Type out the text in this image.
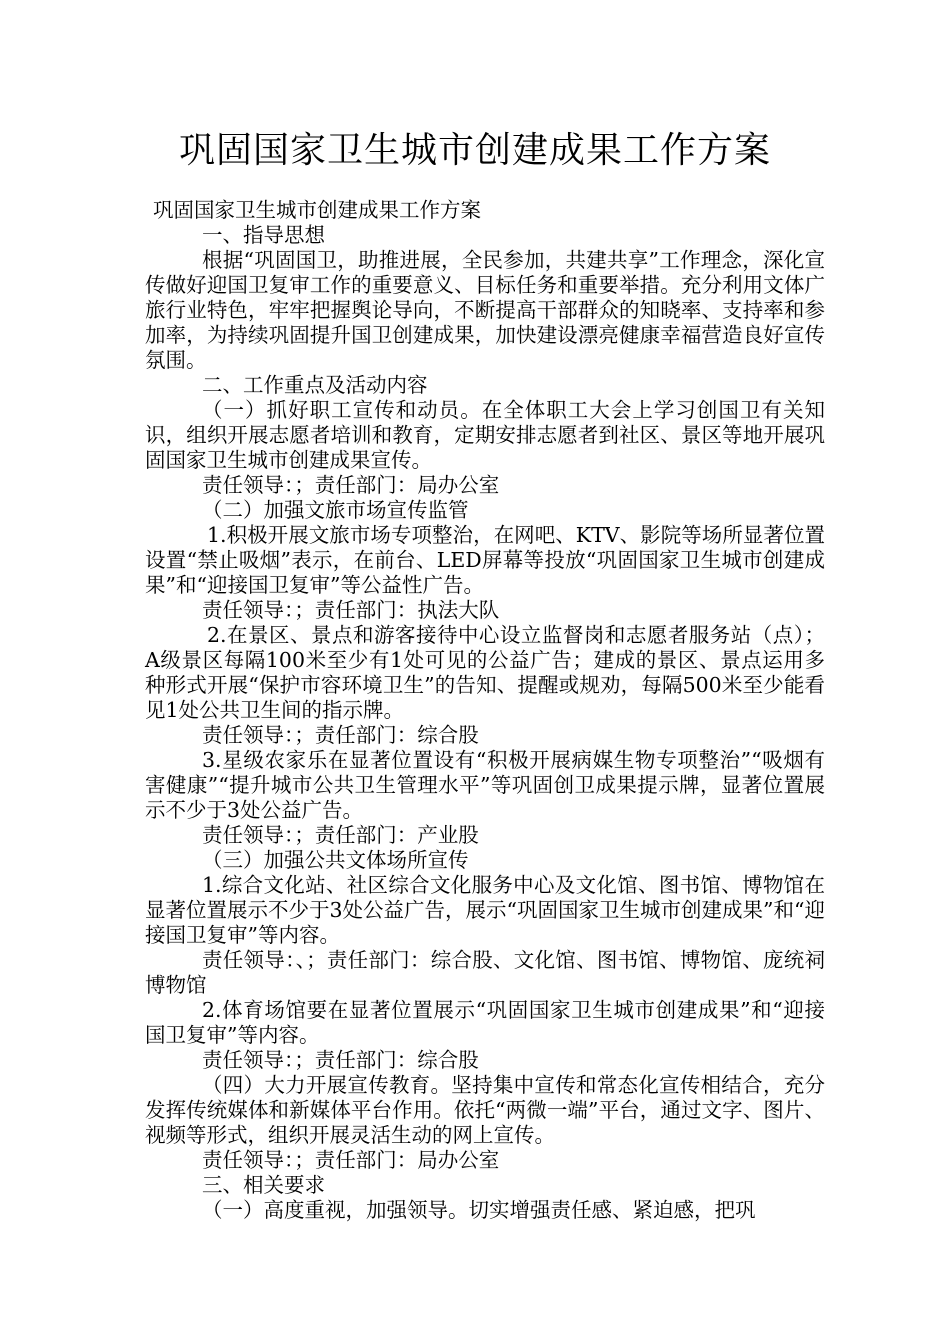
巩固国家卫生城市创建成果工作方案

巩固国家卫生城市创建成果工作方案

一、指导思想

根据“巩固国卫，助推进展，全民参加，共建共享”工作理念，深化宣传做好迎国卫复审工作的重要意义、目标任务和重要举措。充分利用文体广旅行业特色，牢牢把握舆论导向，不断提高干部群众的知晓率、支持率和参加率，为持续巩固提升国卫创建成果，加快建设漂亮健康幸福营造良好宣传氛围。

二、工作重点及活动内容

（一）抓好职工宣传和动员。在全体职工大会上学习创国卫有关知识，组织开展志愿者培训和教育，定期安排志愿者到社区、景区等地开展巩固国家卫生城市创建成果宣传。

责任领导：；责任部门：局办公室

（二）加强文旅市场宣传监管

1.积极开展文旅市场专项整治，在网吧、KTV、影院等场所显著位置设置“禁止吸烟”表示，在前台、LED屏幕等投放“巩固国家卫生城市创建成果”和“迎接国卫复审”等公益性广告。

责任领导：；责任部门：执法大队

2.在景区、景点和游客接待中心设立监督岗和志愿者服务站（点）；A级景区每隔100米至少有1处可见的公益广告；建成的景区、景点运用多种形式开展“保护市容环境卫生”的告知、提醒或规劝，每隔500米至少能看见1处公共卫生间的指示牌。

责任领导：；责任部门：综合股

3.星级农家乐在显著位置设有“积极开展病媒生物专项整治”“吸烟有害健康”“提升城市公共卫生管理水平”等巩固创卫成果提示牌，显著位置展示不少于3处公益广告。

责任领导：；责任部门：产业股

（三）加强公共文体场所宣传

1.综合文化站、社区综合文化服务中心及文化馆、图书馆、博物馆在显著位置展示不少于3处公益广告，展示“巩固国家卫生城市创建成果”和“迎接国卫复审”等内容。

责任领导：、；责任部门：综合股、文化馆、图书馆、博物馆、庞统祠博物馆

2.体育场馆要在显著位置展示“巩固国家卫生城市创建成果”和“迎接国卫复审”等内容。

责任领导：；责任部门：综合股

（四）大力开展宣传教育。坚持集中宣传和常态化宣传相结合，充分发挥传统媒体和新媒体平台作用。依托“两微一端”平台，通过文字、图片、视频等形式，组织开展灵活生动的网上宣传。

责任领导：；责任部门：局办公室

三、相关要求

（一）高度重视，加强领导。切实增强责任感、紧迫感，把巩
